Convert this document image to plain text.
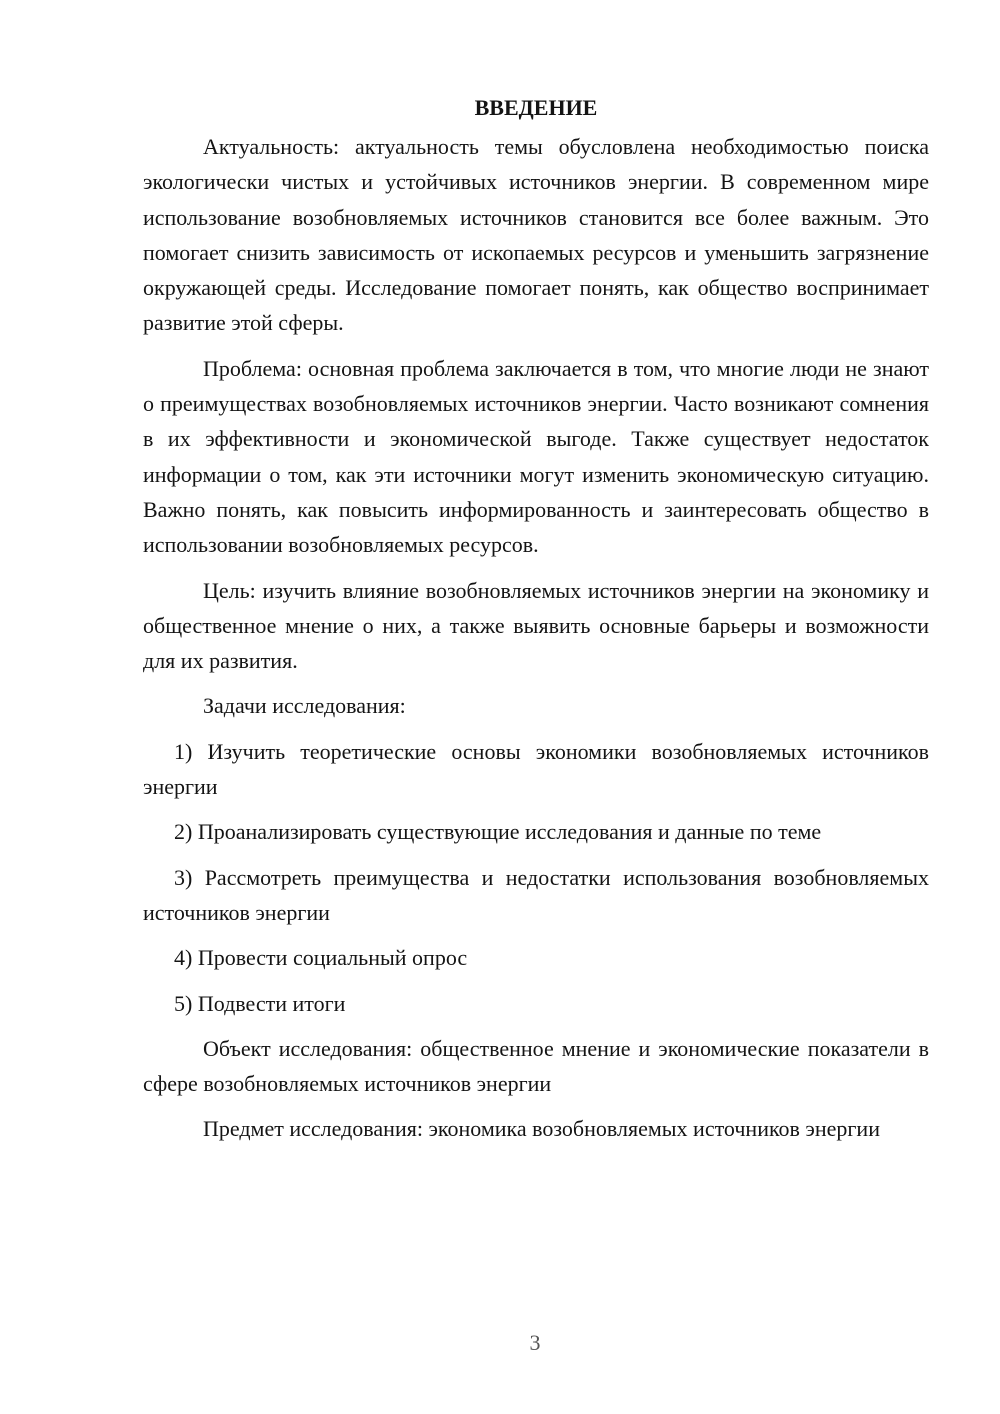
ВВЕДЕНИЕ

Актуальность: актуальность темы обусловлена необходимостью поиска экологически чистых и устойчивых источников энергии. В современном мире использование возобновляемых источников становится все более важным. Это помогает снизить зависимость от ископаемых ресурсов и уменьшить загрязнение окружающей среды. Исследование помогает понять, как общество воспринимает развитие этой сферы.

Проблема: основная проблема заключается в том, что многие люди не знают о преимуществах возобновляемых источников энергии. Часто возникают сомнения в их эффективности и экономической выгоде. Также существует недостаток информации о том, как эти источники могут изменить экономическую ситуацию. Важно понять, как повысить информированность и заинтересовать общество в использовании возобновляемых ресурсов.

Цель: изучить влияние возобновляемых источников энергии на экономику и общественное мнение о них, а также выявить основные барьеры и возможности для их развития.

Задачи исследования:

1) Изучить теоретические основы экономики возобновляемых источников энергии

2) Проанализировать существующие исследования и данные по теме

3) Рассмотреть преимущества и недостатки использования возобновляемых источников энергии

4) Провести социальный опрос

5) Подвести итоги

Объект исследования: общественное мнение и экономические показатели в сфере возобновляемых источников энергии

Предмет исследования: экономика возобновляемых источников энергии

3
